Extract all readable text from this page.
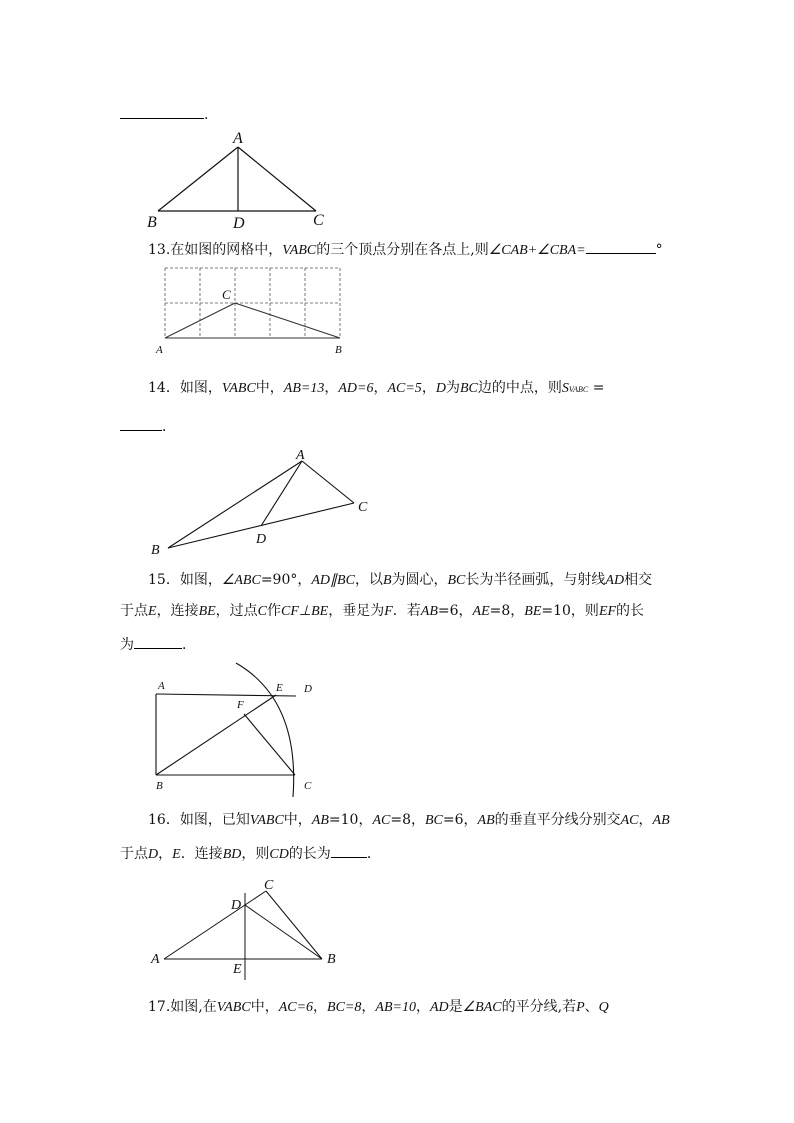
.
A
B	D	C
C
A	B
A
C
D
B
A	E D
F
B	C
C
D
A	B
E
13.在如图的网格中，VABC的三个顶点分别在各点上,则∠CAB+∠CBA=	°
14．如图，VABC中，AB=13，AD=6，AC=5，D为BC边的中点，则SVABC =
．
15．如图，∠ABC=90°，AD∥BC，以B为圆心，BC长为半径画弧，与射线AD相交
于点E，连接BE，过点C作CF⊥BE，垂足为F．若AB=6，AE=8，BE=10，则EF的长
为	．
16．如图，已知VABC中，AB=10，AC=8，BC=6，AB的垂直平分线分别交AC，AB
于点D，E．连接BD，则CD的长为	．
17.如图,在VABC中，AC=6，BC=8，AB=10，AD是∠BAC的平分线,若P、Q
